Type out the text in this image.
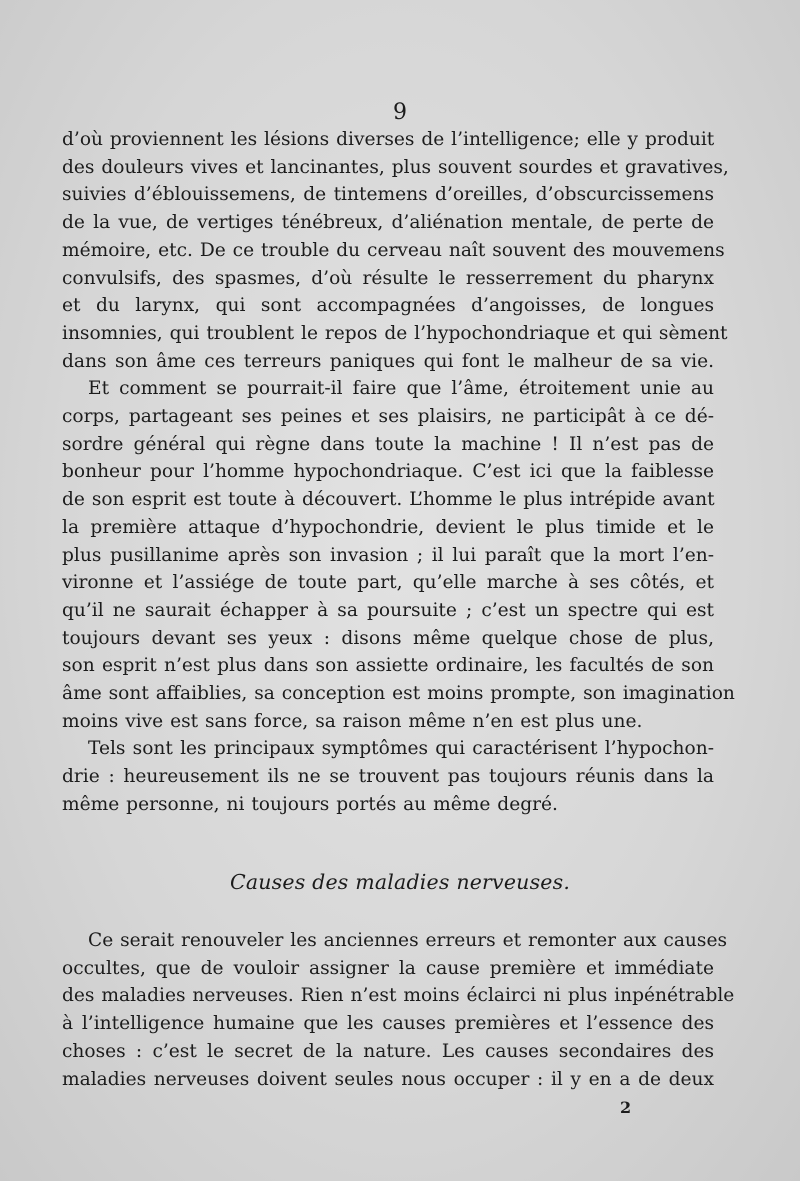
9
d’où proviennent les lésions diverses de l’intelligence; elle y produit
des douleurs vives et lancinantes, plus souvent sourdes et gravatives,
suivies d’éblouissemens, de tintemens d’oreilles, d’obscurcissemens
de la vue, de vertiges ténébreux, d’aliénation mentale, de perte de
mémoire, etc. De ce trouble du cerveau naît souvent des mouvemens
convulsifs, des spasmes, d’où résulte le resserrement du pharynx
et du larynx, qui sont accompagnées d’angoisses, de longues
insomnies, qui troublent le repos de l’hypochondriaque et qui sèment
dans son âme ces terreurs paniques qui font le malheur de sa vie.
Et comment se pourrait-il faire que l’âme, étroitement unie au
corps, partageant ses peines et ses plaisirs, ne participât à ce dé-
sordre général qui règne dans toute la machine ! Il n’est pas de
bonheur pour l’homme hypochondriaque. C’est ici que la faiblesse
de son esprit est toute à découvert. L’homme le plus intrépide avant
la première attaque d’hypochondrie, devient le plus timide et le
plus pusillanime après son invasion ; il lui paraît que la mort l’en-
vironne et l’assiége de toute part, qu’elle marche à ses côtés, et
qu’il ne saurait échapper à sa poursuite ; c’est un spectre qui est
toujours devant ses yeux : disons même quelque chose de plus,
son esprit n’est plus dans son assiette ordinaire, les facultés de son
âme sont affaiblies, sa conception est moins prompte, son imagination
moins vive est sans force, sa raison même n’en est plus une.
Tels sont les principaux symptômes qui caractérisent l’hypochon-
drie : heureusement ils ne se trouvent pas toujours réunis dans la
même personne, ni toujours portés au même degré.
Causes des maladies nerveuses.
Ce serait renouveler les anciennes erreurs et remonter aux causes
occultes, que de vouloir assigner la cause première et immédiate
des maladies nerveuses. Rien n’est moins éclairci ni plus inpénétrable
à l’intelligence humaine que les causes premières et l’essence des
choses : c’est le secret de la nature. Les causes secondaires des
maladies nerveuses doivent seules nous occuper : il y en a de deux
2
